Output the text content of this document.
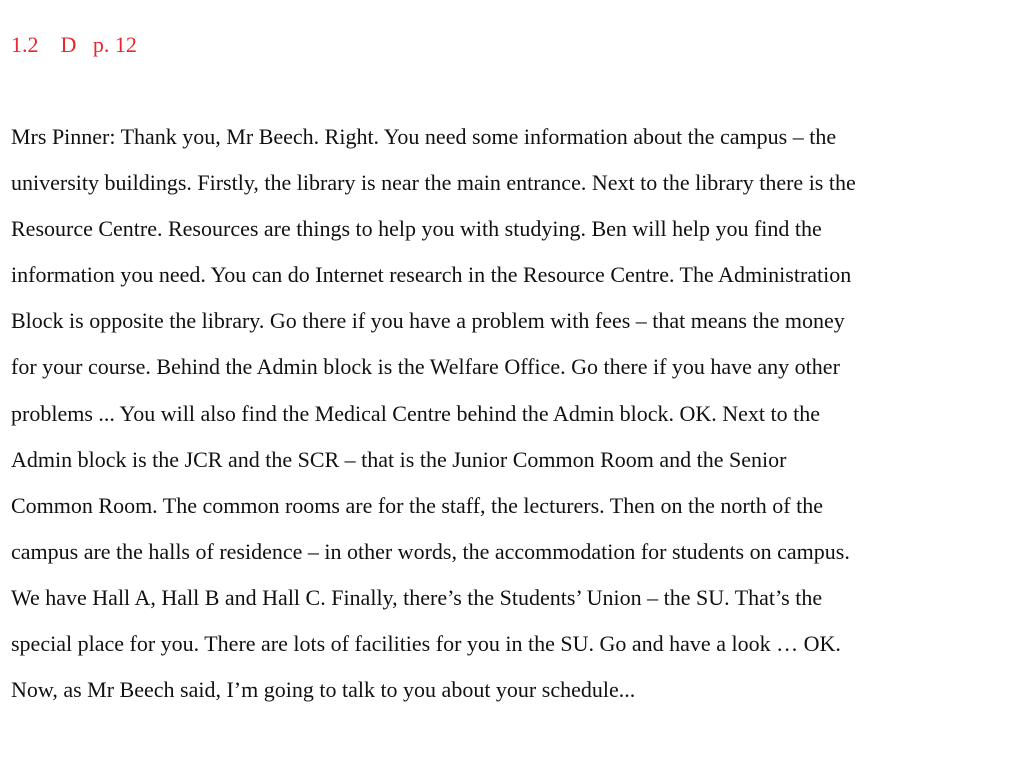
1.2 D p. 12
Mrs Pinner: Thank you, Mr Beech. Right. You need some information about the campus – the
university buildings. Firstly, the library is near the main entrance. Next to the library there is the
Resource Centre. Resources are things to help you with studying. Ben will help you find the
information you need. You can do Internet research in the Resource Centre. The Administration
Block is opposite the library. Go there if you have a problem with fees – that means the money
for your course. Behind the Admin block is the Welfare Office. Go there if you have any other
problems ... You will also find the Medical Centre behind the Admin block. OK. Next to the
Admin block is the JCR and the SCR – that is the Junior Common Room and the Senior
Common Room. The common rooms are for the staff, the lecturers. Then on the north of the
campus are the halls of residence – in other words, the accommodation for students on campus.
We have Hall A, Hall B and Hall C. Finally, there’s the Students’ Union – the SU. That’s the
special place for you. There are lots of facilities for you in the SU. Go and have a look … OK.
Now, as Mr Beech said, I’m going to talk to you about your schedule...
